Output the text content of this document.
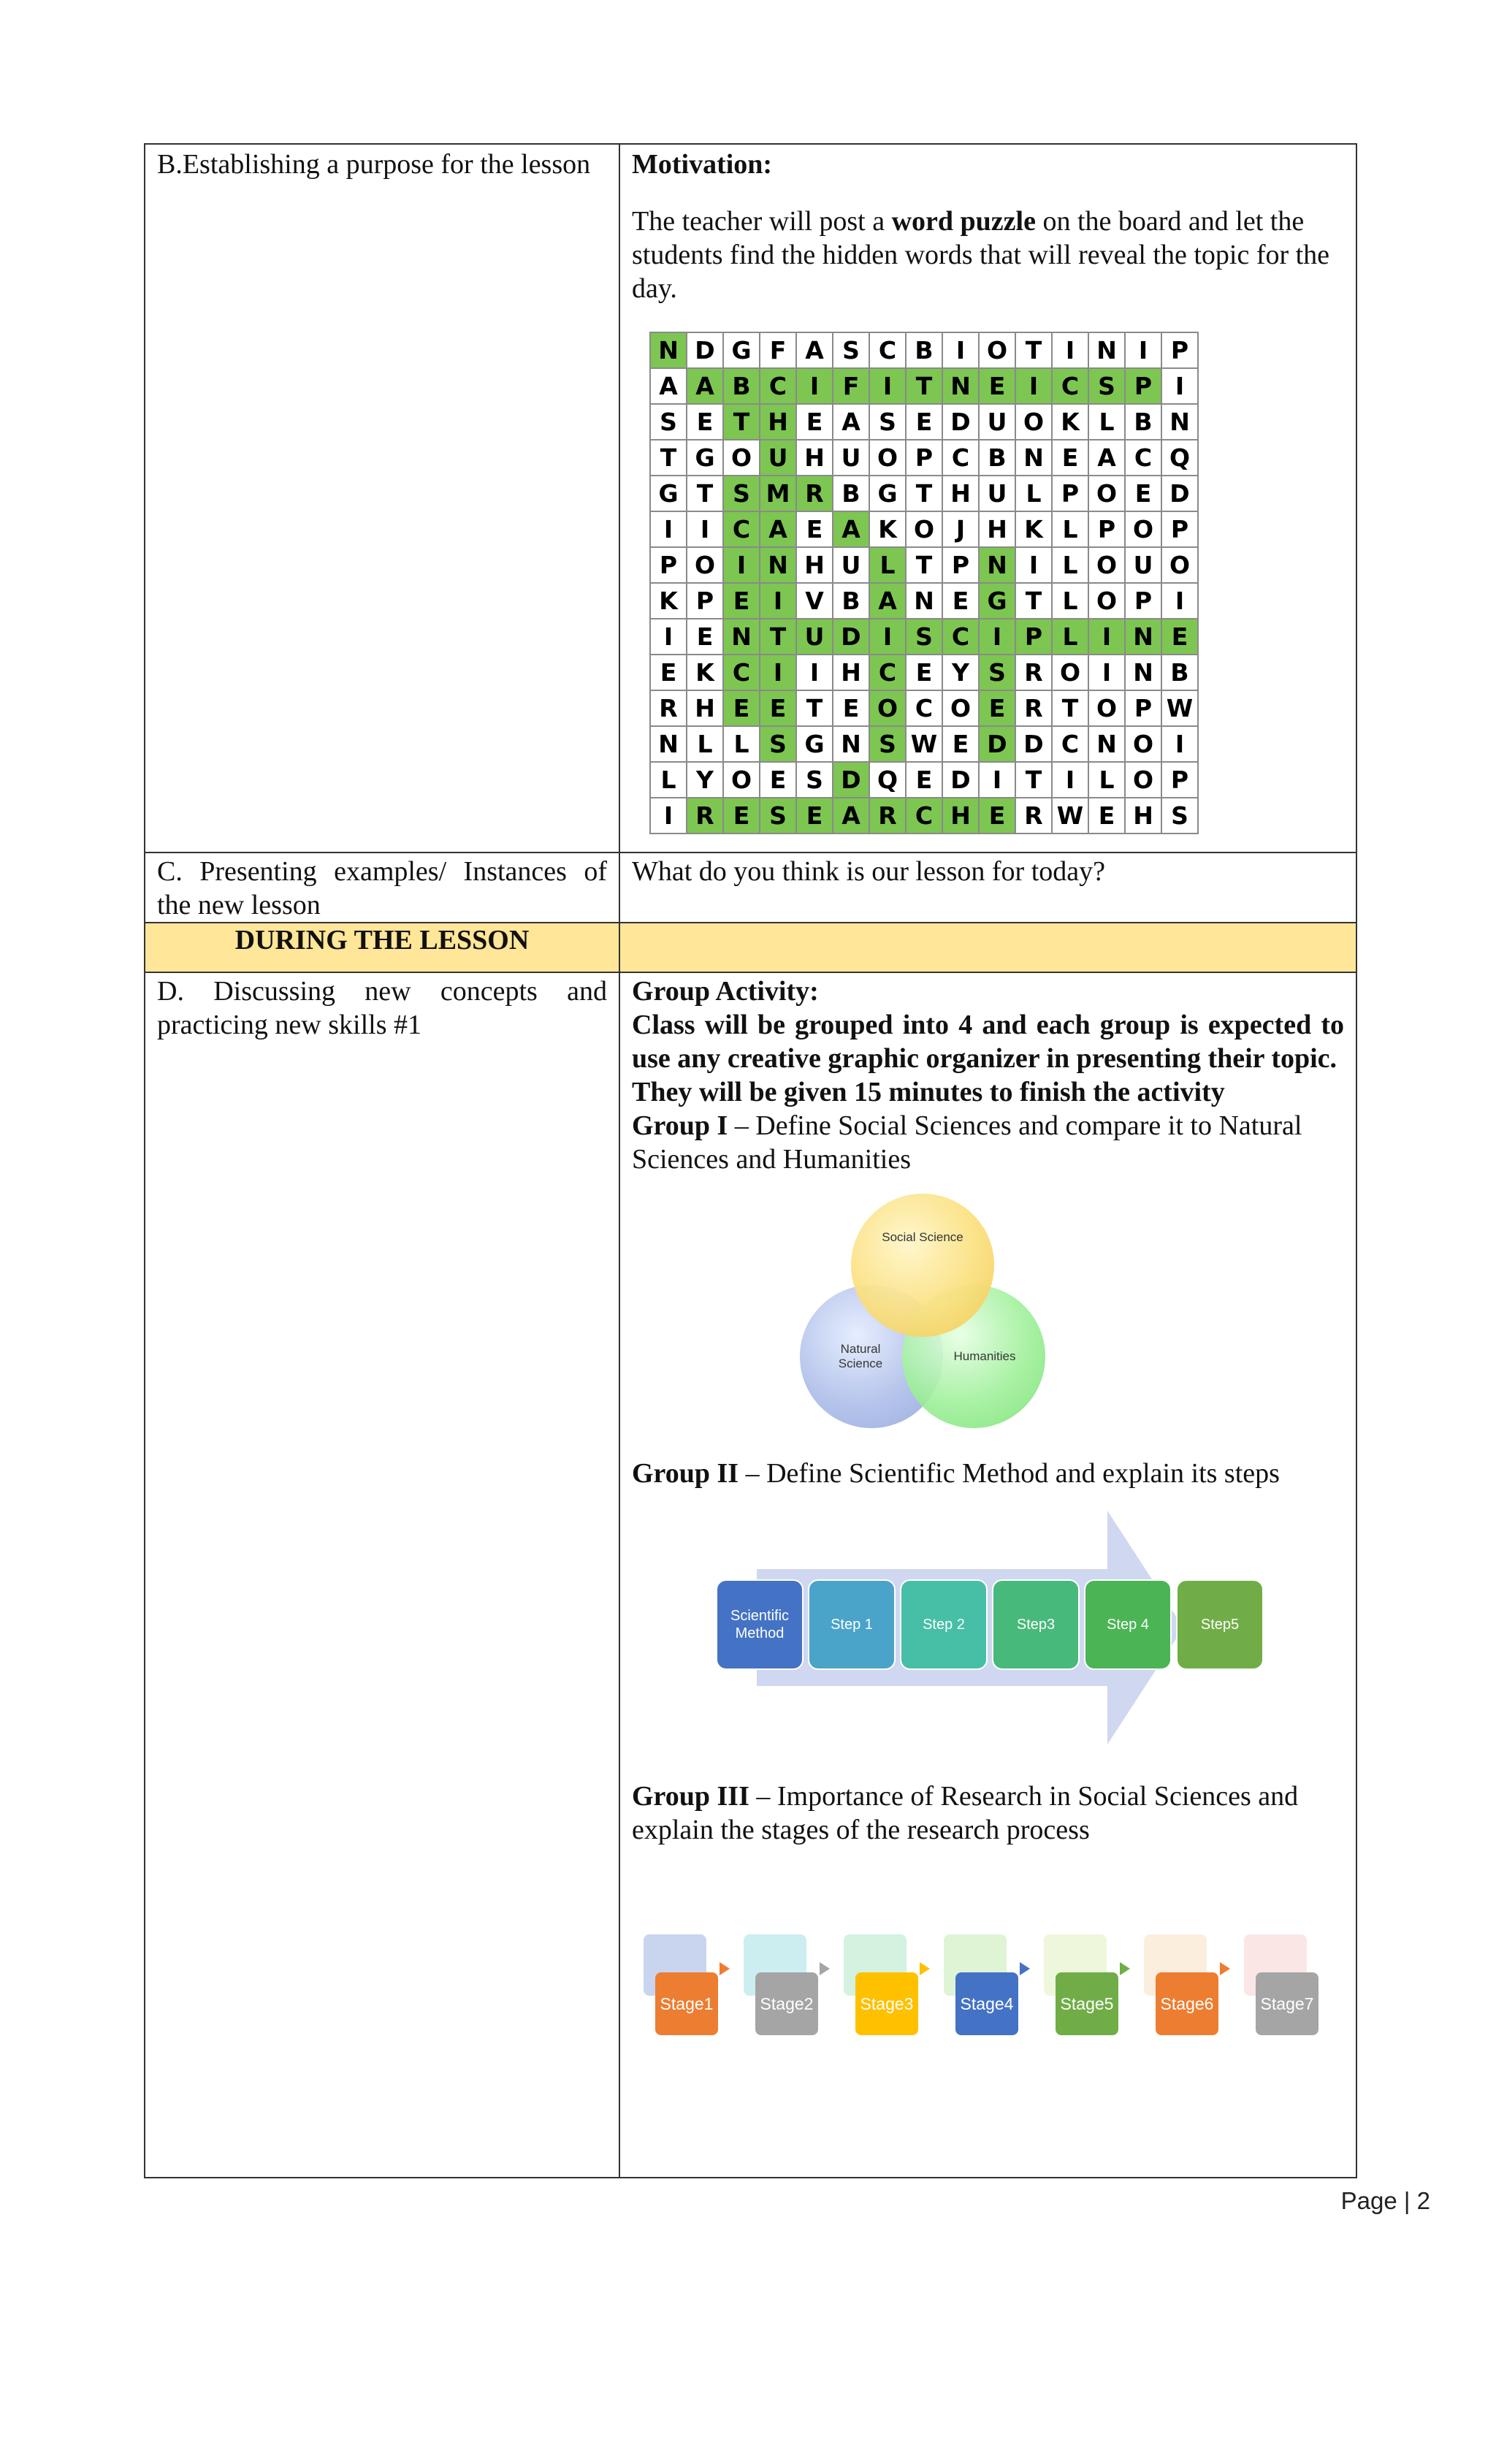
B.Establishing a purpose for the lesson	Motivation:

The teacher will post a word puzzle on the board and let the students find the hidden words that will reveal the topic for the day.

N	D	G	F	A	S	C	B	I	O	T	I	N	I	P
A	A	B	C	I	F	I	T	N	E	I	C	S	P	I
S	E	T	H	E	A	S	E	D	U	O	K	L	B	N
T	G	O	U	H	U	O	P	C	B	N	E	A	C	Q
G	T	S	M	R	B	G	T	H	U	L	P	O	E	D
I	I	C	A	E	A	K	O	J	H	K	L	P	O	P
P	O	I	N	H	U	L	T	P	N	I	L	O	U	O
K	P	E	I	V	B	A	N	E	G	T	L	O	P	I
I	E	N	T	U	D	I	S	C	I	P	L	I	N	E
E	K	C	I	I	H	C	E	Y	S	R	O	I	N	B
R	H	E	E	T	E	O	C	O	E	R	T	O	P	W
N	L	L	S	G	N	S	W	E	D	D	C	N	O	I
L	Y	O	E	S	D	Q	E	D	I	T	I	L	O	P
I	R	E	S	E	A	R	C	H	E	R	W	E	H	S

C. Presenting examples/ Instances of the new lesson	What do you think is our lesson for today?
DURING THE LESSON	
D. Discussing new concepts and practicing new skills #1	

Group Activity:

Class will be grouped into 4 and each group is expected to use any creative graphic organizer in presenting their topic.

They will be given 15 minutes to finish the activity

Group I – Define Social Sciences and compare it to Natural Sciences and Humanities

Natural Science
Humanities
Social Science

Group II – Define Scientific Method and explain its steps

Scientific Method
Step 1	Step 2	Step3	Step 4	Step5

Group III – Importance of Research in Social Sciences and explain the stages of the research process

Stage 1	Stage 2	Stage 3	Stage 4	Stage 5	Stage 6	Stage 7
Page | 2
